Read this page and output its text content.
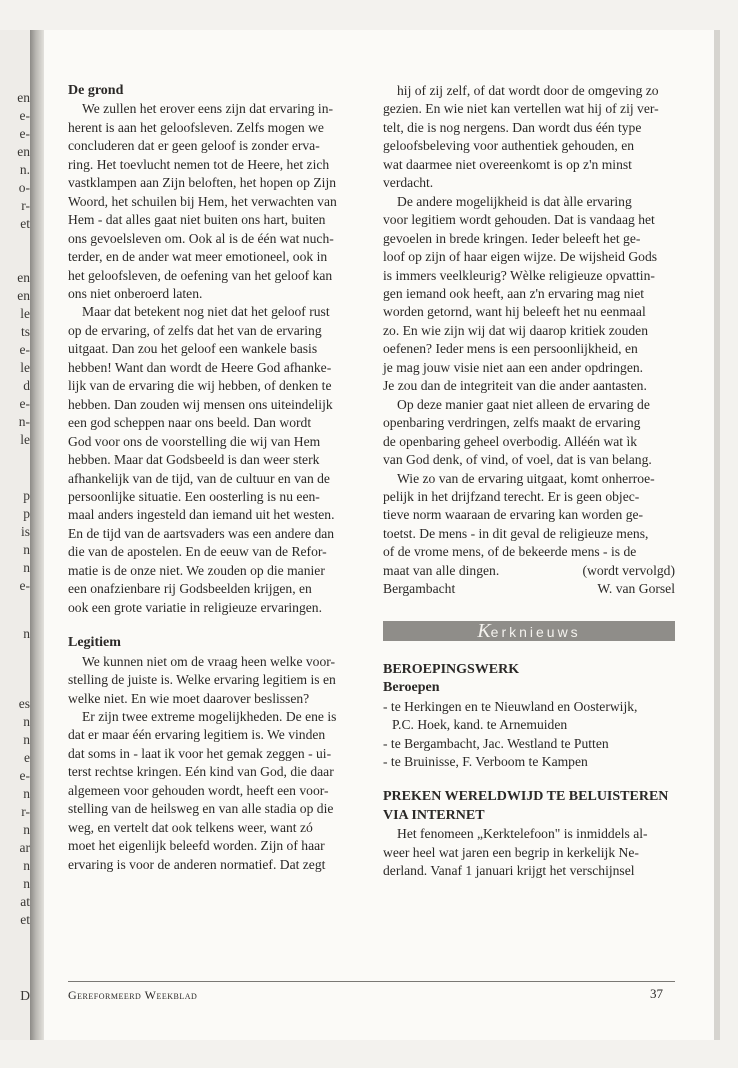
en
e-
e-
en
n.
o-
r-
et
en
en
le
ts
e-
le
d
e-
n-
le
p
p
is
n
n
e-
n
es
n
n
e
e-
n
r-
n
ar
n
n
at
et
D
De grond
We zullen het erover eens zijn dat ervaring in-
herent is aan het geloofsleven. Zelfs mogen we
concluderen dat er geen geloof is zonder erva-
ring. Het toevlucht nemen tot de Heere, het zich
vastklampen aan Zijn beloften, het hopen op Zijn
Woord, het schuilen bij Hem, het verwachten van
Hem - dat alles gaat niet buiten ons hart, buiten
ons gevoelsleven om. Ook al is de één wat nuch-
terder, en de ander wat meer emotioneel, ook in
het geloofsleven, de oefening van het geloof kan
ons niet onberoerd laten.
Maar dat betekent nog niet dat het geloof rust
op de ervaring, of zelfs dat het van de ervaring
uitgaat. Dan zou het geloof een wankele basis
hebben! Want dan wordt de Heere God afhanke-
lijk van de ervaring die wij hebben, of denken te
hebben. Dan zouden wij mensen ons uiteindelijk
een god scheppen naar ons beeld. Dan wordt
God voor ons de voorstelling die wij van Hem
hebben. Maar dat Godsbeeld is dan weer sterk
afhankelijk van de tijd, van de cultuur en van de
persoonlijke situatie. Een oosterling is nu een-
maal anders ingesteld dan iemand uit het westen.
En de tijd van de aartsvaders was een andere dan
die van de apostelen. En de eeuw van de Refor-
matie is de onze niet. We zouden op die manier
een onafzienbare rij Godsbeelden krijgen, en
ook een grote variatie in religieuze ervaringen.
Legitiem
We kunnen niet om de vraag heen welke voor-
stelling de juiste is. Welke ervaring legitiem is en
welke niet. En wie moet daarover beslissen?
Er zijn twee extreme mogelijkheden. De ene is
dat er maar één ervaring legitiem is. We vinden
dat soms in - laat ik voor het gemak zeggen - ui-
terst rechtse kringen. Eén kind van God, die daar
algemeen voor gehouden wordt, heeft een voor-
stelling van de heilsweg en van alle stadia op die
weg, en vertelt dat ook telkens weer, want zó
moet het eigenlijk beleefd worden. Zijn of haar
ervaring is voor de anderen normatief. Dat zegt
hij of zij zelf, of dat wordt door de omgeving zo
gezien. En wie niet kan vertellen wat hij of zij ver-
telt, die is nog nergens. Dan wordt dus één type
geloofsbeleving voor authentiek gehouden, en
wat daarmee niet overeenkomt is op z'n minst
verdacht.
De andere mogelijkheid is dat àlle ervaring
voor legitiem wordt gehouden. Dat is vandaag het
gevoelen in brede kringen. Ieder beleeft het ge-
loof op zijn of haar eigen wijze. De wijsheid Gods
is immers veelkleurig? Wèlke religieuze opvattin-
gen iemand ook heeft, aan z'n ervaring mag niet
worden getornd, want hij beleeft het nu eenmaal
zo. En wie zijn wij dat wij daarop kritiek zouden
oefenen? Ieder mens is een persoonlijkheid, en
je mag jouw visie niet aan een ander opdringen.
Je zou dan de integriteit van die ander aantasten.
Op deze manier gaat niet alleen de ervaring de
openbaring verdringen, zelfs maakt de ervaring
de openbaring geheel overbodig. Alléén wat ìk
van God denk, of vind, of voel, dat is van belang.
Wie zo van de ervaring uitgaat, komt onherroe-
pelijk in het drijfzand terecht. Er is geen objec-
tieve norm waaraan de ervaring kan worden ge-
toetst. De mens - in dit geval de religieuze mens,
of de vrome mens, of de bekeerde mens - is de
maat van alle dingen.	(wordt vervolgd)
Bergambacht	W. van Gorsel
Kerknieuws
BEROEPINGSWERK
Beroepen
- te Herkingen en te Nieuwland en Oosterwijk,
P.C. Hoek, kand. te Arnemuiden
- te Bergambacht, Jac. Westland te Putten
- te Bruinisse, F. Verboom te Kampen
PREKEN WERELDWIJD TE BELUISTEREN
VIA INTERNET
Het fenomeen „Kerktelefoon" is inmiddels al-
weer heel wat jaren een begrip in kerkelijk Ne-
derland. Vanaf 1 januari krijgt het verschijnsel
Gereformeerd Weekblad	37
